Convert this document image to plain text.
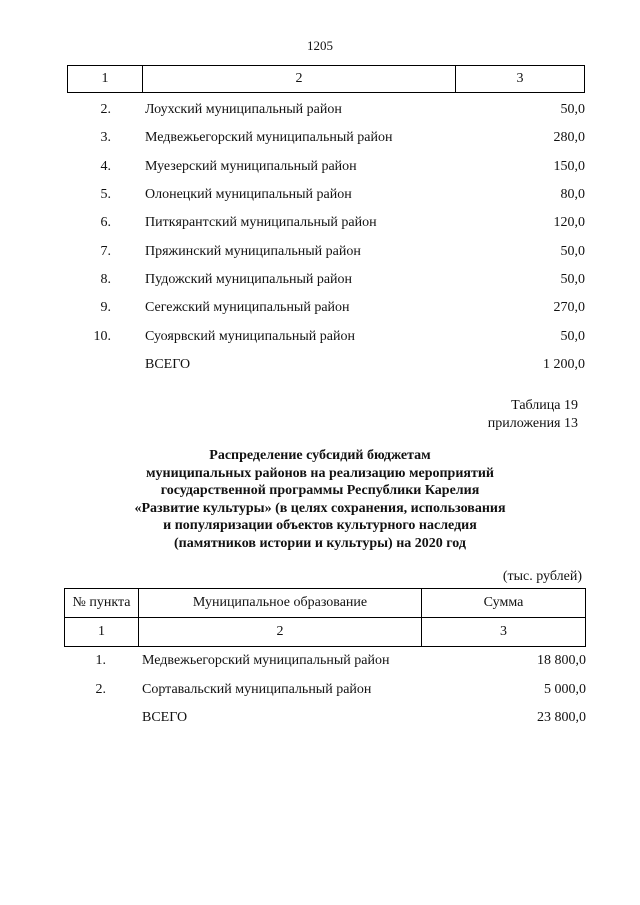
1205
1	2	3
2.	Лоухский муниципальный район	50,0
3.	Медвежьегорский муниципальный район	280,0
4.	Муезерский муниципальный район	150,0
5.	Олонецкий муниципальный район	80,0
6.	Питкярантский муниципальный район	120,0
7.	Пряжинский муниципальный район	50,0
8.	Пудожский муниципальный район	50,0
9.	Сегежский муниципальный район	270,0
10.	Суоярвский муниципальный район	50,0
ВСЕГО	1 200,0
Таблица 19
приложения 13
Распределение субсидий бюджетам
муниципальных районов на реализацию мероприятий
государственной программы Республики Карелия
«Развитие культуры» (в целях сохранения, использования
и популяризации объектов культурного наследия
(памятников истории и культуры) на 2020 год
(тыс. рублей)
№ пункта	Муниципальное образование	Сумма
1	2	3
1.	Медвежьегорский муниципальный район	18 800,0
2.	Сортавальский муниципальный район	5 000,0
ВСЕГО	23 800,0
